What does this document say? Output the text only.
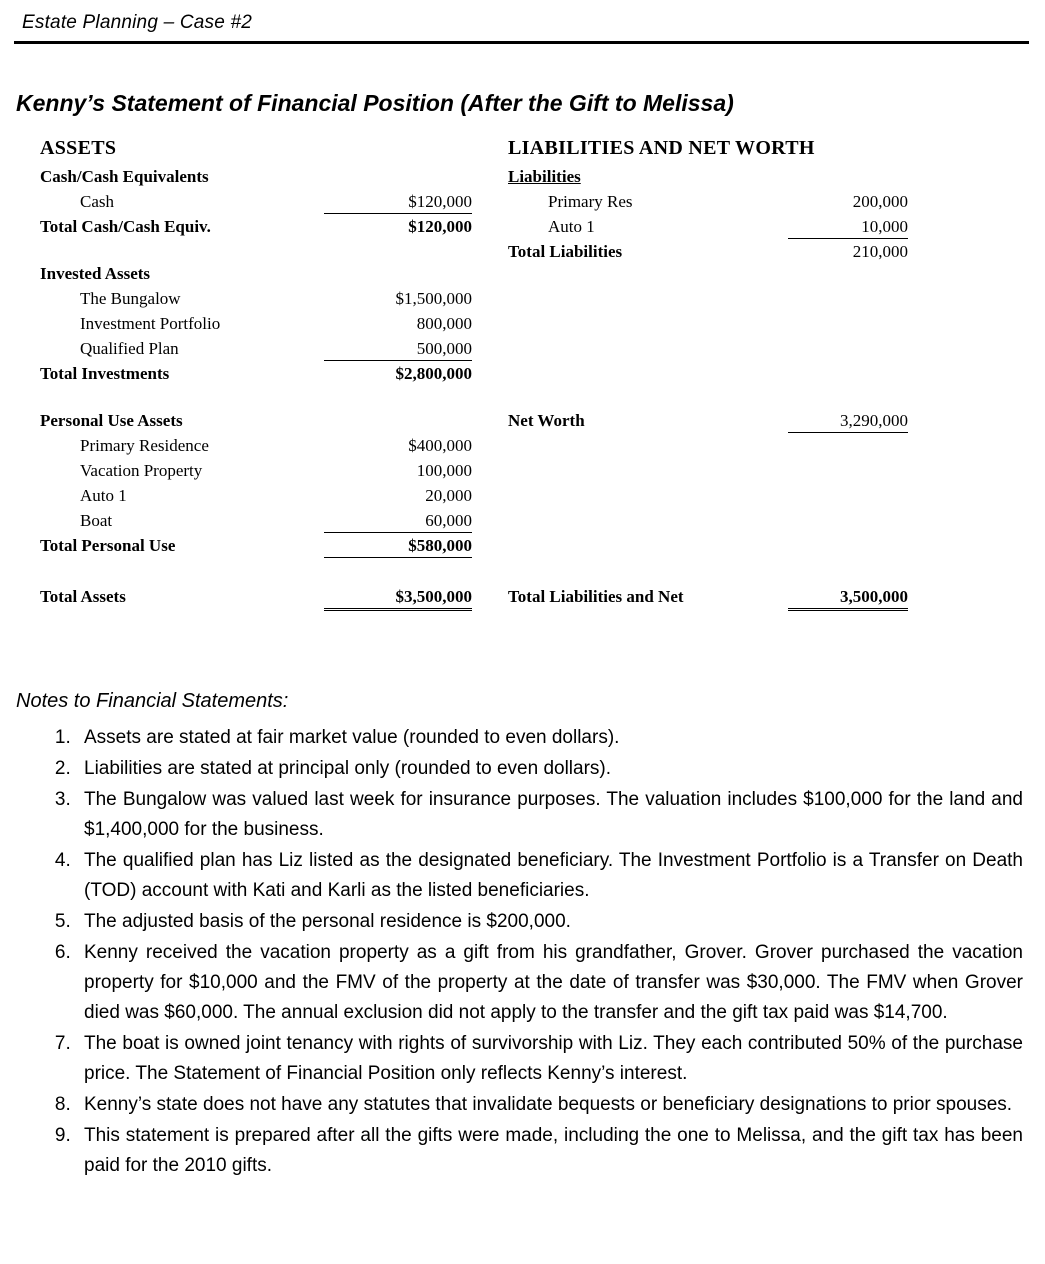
Estate Planning – Case #2
Kenny’s Statement of Financial Position (After the Gift to Melissa)
ASSETS
Cash/Cash Equivalents
Cash	$120,000
Total Cash/Cash Equiv.	$120,000
Invested Assets
The Bungalow	$1,500,000
Investment Portfolio	800,000
Qualified Plan	500,000
Total Investments	$2,800,000
Personal Use Assets
Primary Residence	$400,000
Vacation Property	100,000
Auto 1	20,000
Boat	60,000
Total Personal Use	$580,000
Total Assets	$3,500,000
LIABILITIES AND NET WORTH
Liabilities
Primary Res	200,000
Auto 1	10,000
Total Liabilities	210,000
Net Worth	3,290,000
Total Liabilities and Net	3,500,000
Notes to Financial Statements:
1. Assets are stated at fair market value (rounded to even dollars).
2. Liabilities are stated at principal only (rounded to even dollars).
3. The Bungalow was valued last week for insurance purposes. The valuation includes $100,000 for the land and $1,400,000 for the business.
4. The qualified plan has Liz listed as the designated beneficiary. The Investment Portfolio is a Transfer on Death (TOD) account with Kati and Karli as the listed beneficiaries.
5. The adjusted basis of the personal residence is $200,000.
6. Kenny received the vacation property as a gift from his grandfather, Grover. Grover purchased the vacation property for $10,000 and the FMV of the property at the date of transfer was $30,000. The FMV when Grover died was $60,000. The annual exclusion did not apply to the transfer and the gift tax paid was $14,700.
7. The boat is owned joint tenancy with rights of survivorship with Liz. They each contributed 50% of the purchase price. The Statement of Financial Position only reflects Kenny’s interest.
8. Kenny’s state does not have any statutes that invalidate bequests or beneficiary designations to prior spouses.
9. This statement is prepared after all the gifts were made, including the one to Melissa, and the gift tax has been paid for the 2010 gifts.
